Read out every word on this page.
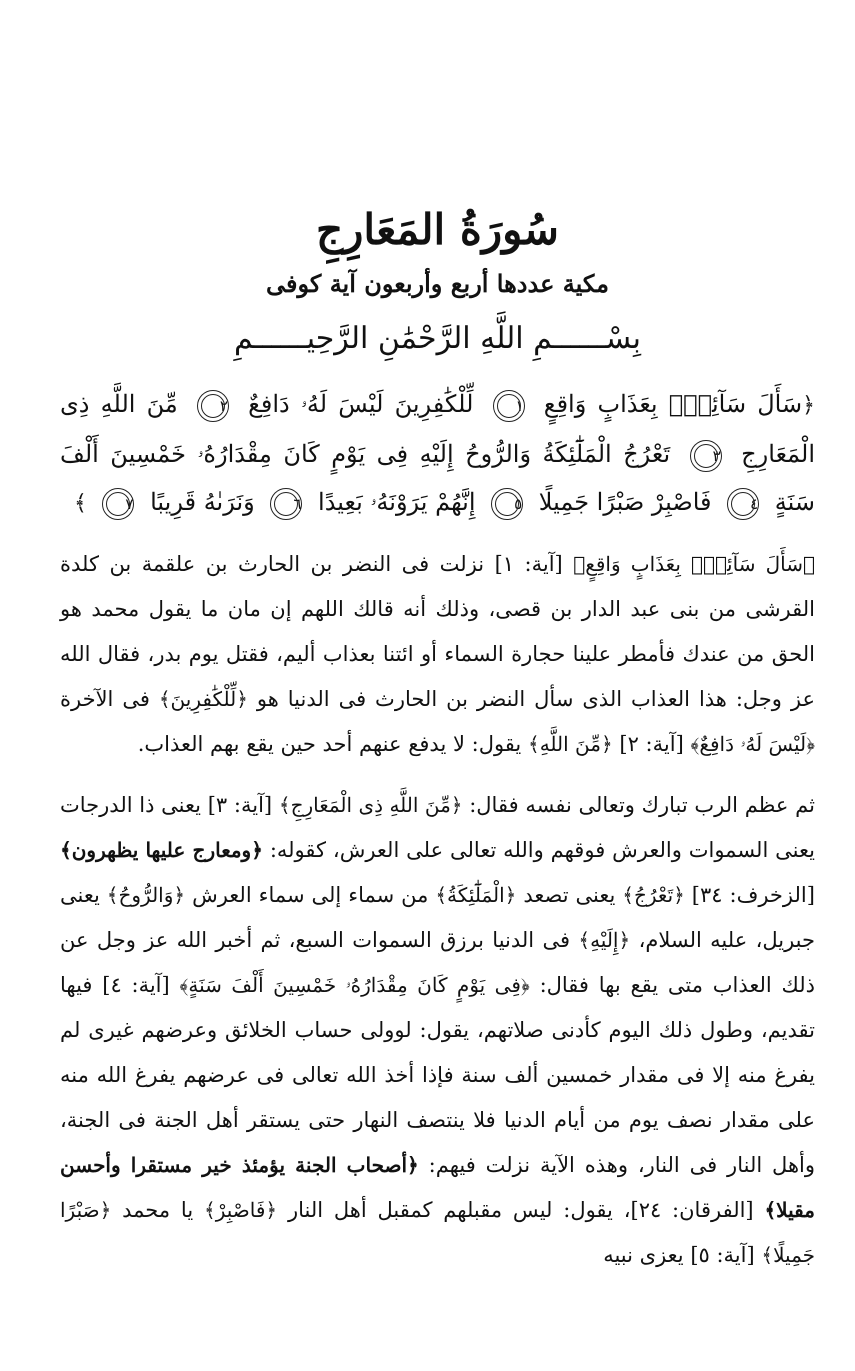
سُورَةُ المَعَارِجِ
مكية عددها أربع وأربعون آية كوفى
بِسْــــــمِ اللَّهِ الرَّحْمَٰنِ الرَّحِيــــــمِ
﴿سَأَلَ سَآئِلُۢ بِعَذَابٍ وَاقِعٍ ١ لِّلْكَٰفِرِينَ لَيْسَ لَهُۥ دَافِعٌ ٢ مِّنَ اللَّهِ ذِى الْمَعَارِجِ ٣ تَعْرُجُ الْمَلَٰٓئِكَةُ وَالرُّوحُ إِلَيْهِ فِى يَوْمٍ كَانَ مِقْدَارُهُۥ خَمْسِينَ أَلْفَ سَنَةٍ ٤ فَاصْبِرْ صَبْرًا جَمِيلًا ٥ إِنَّهُمْ يَرَوْنَهُۥ بَعِيدًا ٦ وَنَرَىٰهُ قَرِيبًا ٧ ﴾

﴿سَأَلَ سَآئِلُۢ بِعَذَابٍ وَاقِعٍ﴾ [آية: ١] نزلت فى النضر بن الحارث بن علقمة بن كلدة القرشى من بنى عبد الدار بن قصى، وذلك أنه قالك اللهم إن مان ما يقول محمد هو الحق من عندك فأمطر علينا حجارة السماء أو ائتنا بعذاب أليم، فقتل يوم بدر، فقال الله عز وجل: هذا العذاب الذى سأل النضر بن الحارث فى الدنيا هو ﴿لِّلْكَٰفِرِينَ﴾ فى الآخرة ﴿لَيْسَ لَهُۥ دَافِعٌ﴾ [آية: ٢] ﴿مِّنَ اللَّهِ﴾ يقول: لا يدفع عنهم أحد حين يقع بهم العذاب.

ثم عظم الرب تبارك وتعالى نفسه فقال: ﴿مِّنَ اللَّهِ ذِى الْمَعَارِجِ﴾ [آية: ٣] يعنى ذا الدرجات يعنى السموات والعرش فوقهم والله تعالى على العرش، كقوله: ﴿ومعارج عليها يظهرون﴾ [الزخرف: ٣٤] ﴿تَعْرُجُ﴾ يعنى تصعد ﴿الْمَلَٰٓئِكَةُ﴾ من سماء إلى سماء العرش ﴿وَالرُّوحُ﴾ يعنى جبريل، عليه السلام، ﴿إِلَيْهِ﴾ فى الدنيا برزق السموات السبع، ثم أخبر الله عز وجل عن ذلك العذاب متى يقع بها فقال: ﴿فِى يَوْمٍ كَانَ مِقْدَارُهُۥ خَمْسِينَ أَلْفَ سَنَةٍ﴾ [آية: ٤] فيها تقديم، وطول ذلك اليوم كأدنى صلاتهم، يقول: لوولى حساب الخلائق وعرضهم غيرى لم يفرغ منه إلا فى مقدار خمسين ألف سنة فإذا أخذ الله تعالى فى عرضهم يفرغ الله منه على مقدار نصف يوم من أيام الدنيا فلا ينتصف النهار حتى يستقر أهل الجنة فى الجنة، وأهل النار فى النار، وهذه الآية نزلت فيهم: ﴿أصحاب الجنة يؤمئذ خير مستقرا وأحسن مقيلا﴾ [الفرقان: ٢٤]، يقول: ليس مقبلهم كمقبل أهل النار ﴿فَاصْبِرْ﴾ يا محمد ﴿صَبْرًا جَمِيلًا﴾ [آية: ٥] يعزى نبيه
